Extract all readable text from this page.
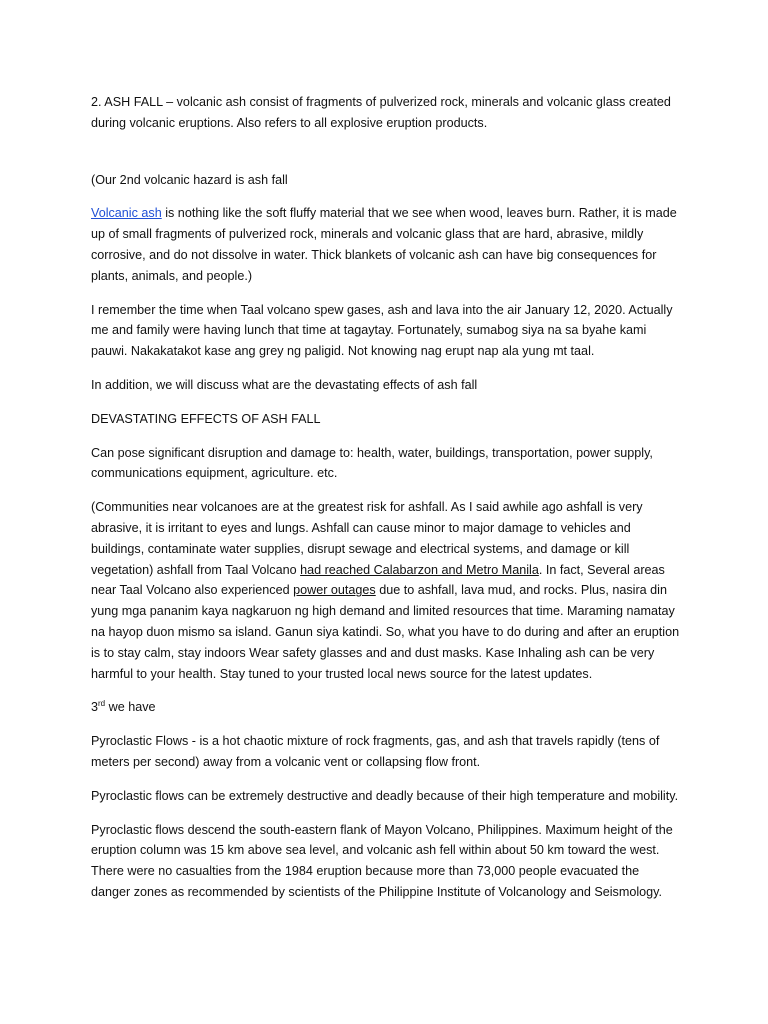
2. ASH FALL – volcanic ash consist of fragments of pulverized rock, minerals and volcanic glass created during volcanic eruptions. Also refers to all explosive eruption products.

(Our 2nd volcanic hazard is ash fall

Volcanic ash is nothing like the soft fluffy material that we see when wood, leaves burn. Rather, it is made up of small fragments of pulverized rock, minerals and volcanic glass that are hard, abrasive, mildly corrosive, and do not dissolve in water. Thick blankets of volcanic ash can have big consequences for plants, animals, and people.)

I remember the time when Taal volcano spew gases, ash and lava into the air January 12, 2020. Actually me and family were having lunch that time at tagaytay. Fortunately, sumabog siya na sa byahe kami pauwi. Nakakatakot kase ang grey ng paligid. Not knowing nag erupt nap ala yung mt taal.

In addition, we will discuss what are the devastating effects of ash fall

DEVASTATING EFFECTS OF ASH FALL

Can pose significant disruption and damage to: health, water, buildings, transportation, power supply, communications equipment, agriculture. etc.

(Communities near volcanoes are at the greatest risk for ashfall. As I said awhile ago ashfall is very abrasive, it is irritant to eyes and lungs. Ashfall can cause minor to major damage to vehicles and buildings, contaminate water supplies, disrupt sewage and electrical systems, and damage or kill vegetation) ashfall from Taal Volcano had reached Calabarzon and Metro Manila. In fact, Several areas near Taal Volcano also experienced power outages due to ashfall, lava mud, and rocks. Plus, nasira din yung mga pananim kaya nagkaruon ng high demand and limited resources that time. Maraming namatay na hayop duon mismo sa island. Ganun siya katindi. So, what you have to do during and after an eruption is to stay calm, stay indoors Wear safety glasses and and dust masks. Kase Inhaling ash can be very harmful to your health. Stay tuned to your trusted local news source for the latest updates.

3rd we have

Pyroclastic Flows - is a hot chaotic mixture of rock fragments, gas, and ash that travels rapidly (tens of meters per second) away from a volcanic vent or collapsing flow front.

Pyroclastic flows can be extremely destructive and deadly because of their high temperature and mobility.

Pyroclastic flows descend the south-eastern flank of Mayon Volcano, Philippines. Maximum height of the eruption column was 15 km above sea level, and volcanic ash fell within about 50 km toward the west. There were no casualties from the 1984 eruption because more than 73,000 people evacuated the danger zones as recommended by scientists of the Philippine Institute of Volcanology and Seismology.
